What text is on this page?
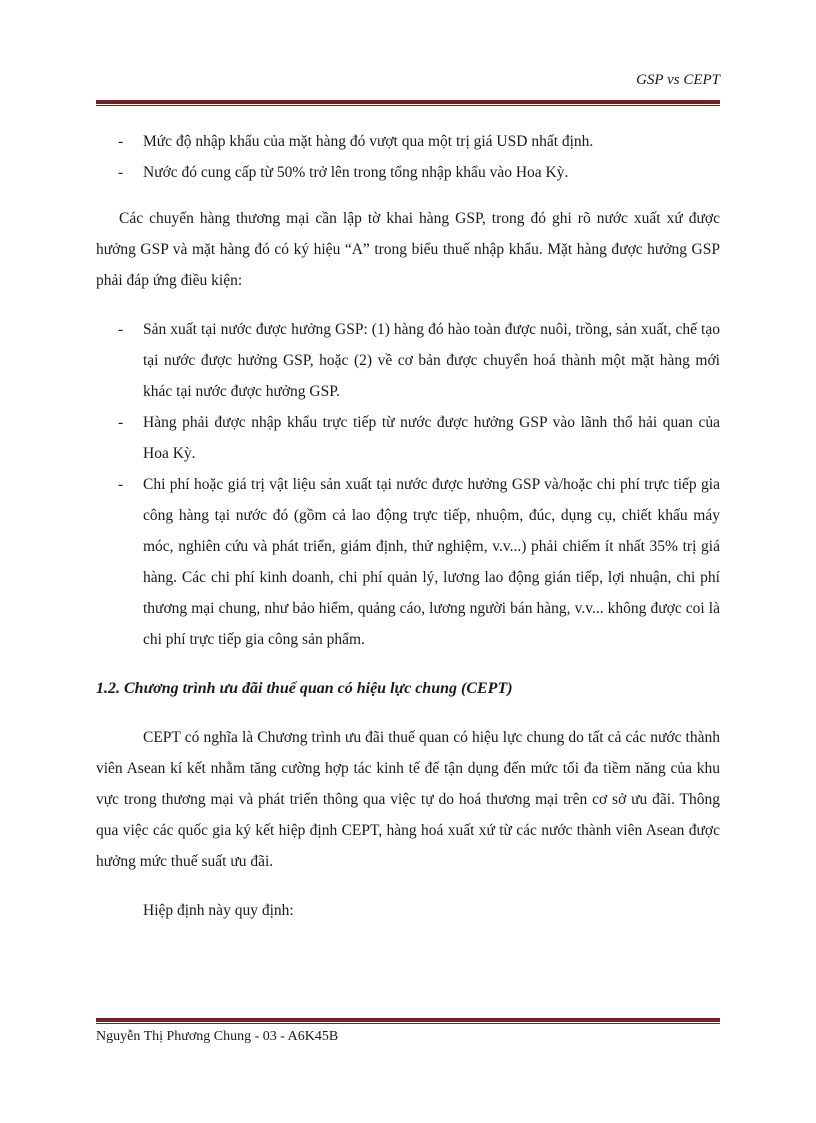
GSP vs CEPT
- Mức độ nhập khẩu của mặt hàng đó vượt qua một trị giá USD nhất định.
- Nước đó cung cấp từ 50% trở lên trong tổng nhập khẩu vào Hoa Kỳ.
Các chuyến hàng thương mại cần lập tờ khai hàng GSP, trong đó ghi rõ nước xuất xứ được hưởng GSP và mặt hàng đó có ký hiệu “A” trong biểu thuế nhập khẩu. Mặt hàng được hưởng GSP phải đáp ứng điều kiện:
- Sản xuất tại nước được hưởng GSP: (1) hàng đó hào toàn được nuôi, trồng, sản xuất, chế tạo tại nước được hưởng GSP, hoặc (2) về cơ bản được chuyển hoá thành một mặt hàng mới khác tại nước được hưởng GSP.
- Hàng phải được nhập khẩu trực tiếp từ nước được hưởng GSP vào lãnh thổ hải quan của Hoa Kỳ.
- Chi phí hoặc giá trị vật liệu sản xuất tại nước được hưởng GSP và/hoặc chi phí trực tiếp gia công hàng tại nước đó (gồm cả lao động trực tiếp, nhuộm, đúc, dụng cụ, chiết khấu máy móc, nghiên cứu và phát triển, giám định, thử nghiệm, v.v...) phải chiếm ít nhất 35% trị giá hàng. Các chi phí kinh doanh, chi phí quản lý, lương lao động gián tiếp, lợi nhuận, chi phí thương mại chung, như bảo hiểm, quảng cáo, lương người bán hàng, v.v... không được coi là chi phí trực tiếp gia công sản phẩm.
1.2. Chương trình ưu đãi thuế quan có hiệu lực chung (CEPT)
CEPT có nghĩa là Chương trình ưu đãi thuế quan có hiệu lực chung do tất cả các nước thành viên Asean kí kết nhằm tăng cường hợp tác kinh tế để tận dụng đến mức tối đa tiềm năng của khu vực trong thương mại và phát triển thông qua việc tự do hoá thương mại trên cơ sở ưu đãi. Thông qua việc các quốc gia ký kết hiệp định CEPT, hàng hoá xuất xứ từ các nước thành viên Asean được hưởng mức thuế suất ưu đãi.
Hiệp định này quy định:
Nguyễn Thị Phương Chung - 03 - A6K45B
